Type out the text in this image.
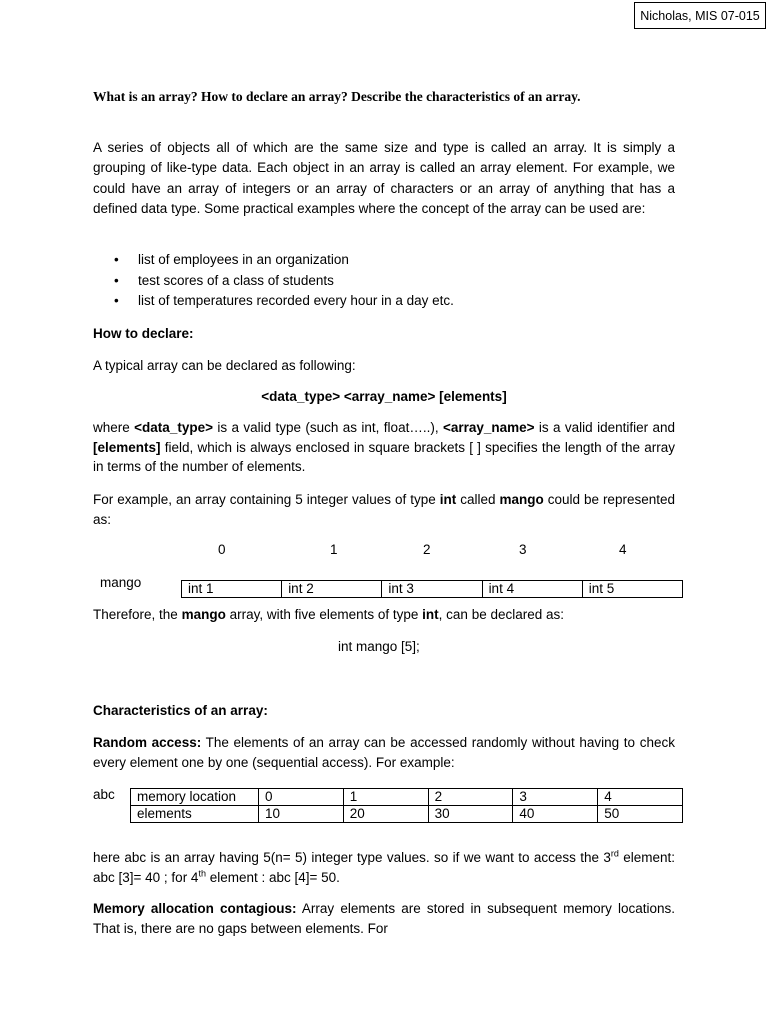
Nicholas, MIS 07-015
What is an array? How to declare an array? Describe the characteristics of an array.
A series of objects all of which are the same size and type is called an array. It is simply a grouping of like-type data. Each object in an array is called an array element. For example, we could have an array of integers or an array of characters or an array of anything that has a defined data type. Some practical examples where the concept of the array can be used are:
• list of employees in an organization
• test scores of a class of students
• list of temperatures recorded every hour in a day etc.
How to declare:
A typical array can be declared as following:
<data_type> <array_name> [elements]
where <data_type> is a valid type (such as int, float…..), <array_name> is a valid identifier and [elements] field, which is always enclosed in square brackets [ ] specifies the length of the array in terms of the number of elements.
For example, an array containing 5 integer values of type int called mango could be represented as:
0	1	2	3	4
mango	int 1	int 2	int 3	int 4	int 5
Therefore, the mango array, with five elements of type int, can be declared as:
int mango [5];
Characteristics of an array:
Random access: The elements of an array can be accessed randomly without having to check every element one by one (sequential access). For example:
abc memory location	0	1	2	3	4
elements	10	20	30	40	50
here abc is an array having 5(n= 5) integer type values. so if we want to access the 3rd element: abc [3]= 40 ; for 4th element : abc [4]= 50.
Memory allocation contagious: Array elements are stored in subsequent memory locations. That is, there are no gaps between elements. For
